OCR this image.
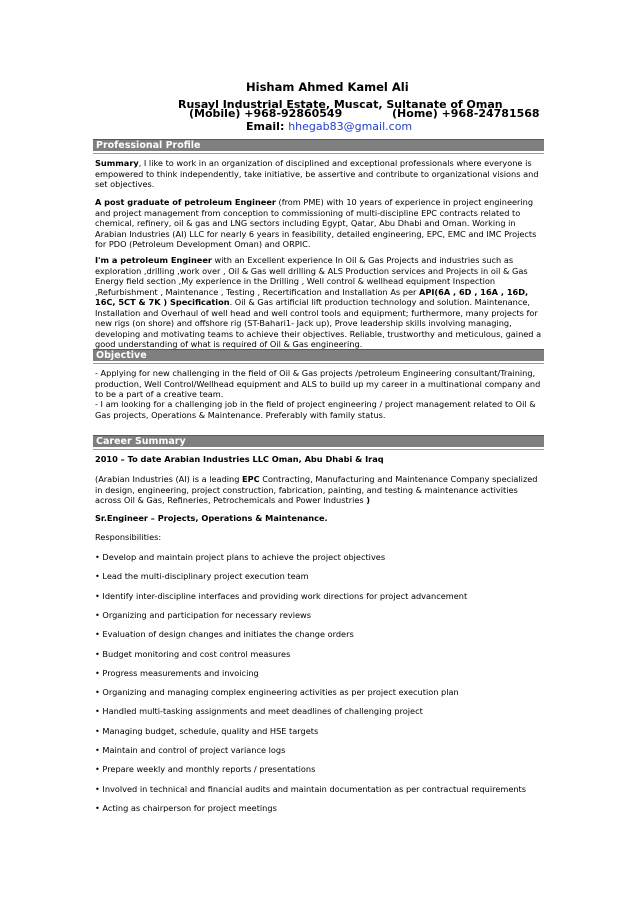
Hisham Ahmed Kamel Ali
Rusayl Industrial Estate, Muscat, Sultanate of Oman
(Mobile) +968-92860549             (Home) +968-24781568
Email: hhegab83@gmail.com
Professional Profile

Summary, I like to work in an organization of disciplined and exceptional professionals where everyone is empowered to think independently, take initiative, be assertive and contribute to organizational visions and set objectives.

A post graduate of petroleum Engineer (from PME) with 10 years of experience in project engineering and project management from conception to commissioning of multi-discipline EPC contracts related to chemical, refinery, oil & gas and LNG sectors including Egypt, Qatar, Abu Dhabi and Oman. Working in Arabian Industries (AI) LLC for nearly 6 years in feasibility, detailed engineering, EPC, EMC and IMC Projects for PDO (Petroleum Development Oman) and ORPIC.

I'm a petroleum Engineer with an Excellent experience In Oil & Gas Projects and industries such as exploration ,drilling ,work over , Oil & Gas well drilling & ALS Production services and Projects in oil & Gas Energy field section ,My experience in the Drilling , Well control & wellhead equipment Inspection ,Refurbishment , Maintenance , Testing , Recertification and Installation As per API(6A , 6D , 16A , 16D, 16C, 5CT & 7K ) Specification. Oil & Gas artificial lift production technology and solution. Maintenance, Installation and Overhaul of well head and well control tools and equipment; furthermore, many projects for new rigs (on shore) and offshore rig (ST-Bahari1- Jack up), Prove leadership skills involving managing, developing and motivating teams to achieve their objectives. Reliable, trustworthy and meticulous, gained a good understanding of what is required of Oil & Gas engineering.

Objective

- Applying for new challenging in the field of Oil & Gas projects /petroleum Engineering consultant/Training, production, Well Control/Wellhead equipment and ALS to build up my career in a multinational company and to be a part of a creative team.

- I am looking for a challenging job in the field of project engineering / project management related to Oil & Gas projects, Operations & Maintenance. Preferably with family status.

Career Summary

2010 – To date Arabian Industries LLC Oman, Abu Dhabi & Iraq

(Arabian Industries (AI) is a leading EPC Contracting, Manufacturing and Maintenance Company specialized in design, engineering, project construction, fabrication, painting, and testing & maintenance activities across Oil & Gas, Refineries, Petrochemicals and Power Industries )

Sr.Engineer – Projects, Operations & Maintenance.

Responsibilities:

• Develop and maintain project plans to achieve the project objectives
• Lead the multi-disciplinary project execution team
• Identify inter-discipline interfaces and providing work directions for project advancement
• Organizing and participation for necessary reviews
• Evaluation of design changes and initiates the change orders
• Budget monitoring and cost control measures
• Progress measurements and invoicing
• Organizing and managing complex engineering activities as per project execution plan
• Handled multi-tasking assignments and meet deadlines of challenging project
• Managing budget, schedule, quality and HSE targets
• Maintain and control of project variance logs
• Prepare weekly and monthly reports / presentations
• Involved in technical and financial audits and maintain documentation as per contractual requirements
• Acting as chairperson for project meetings
